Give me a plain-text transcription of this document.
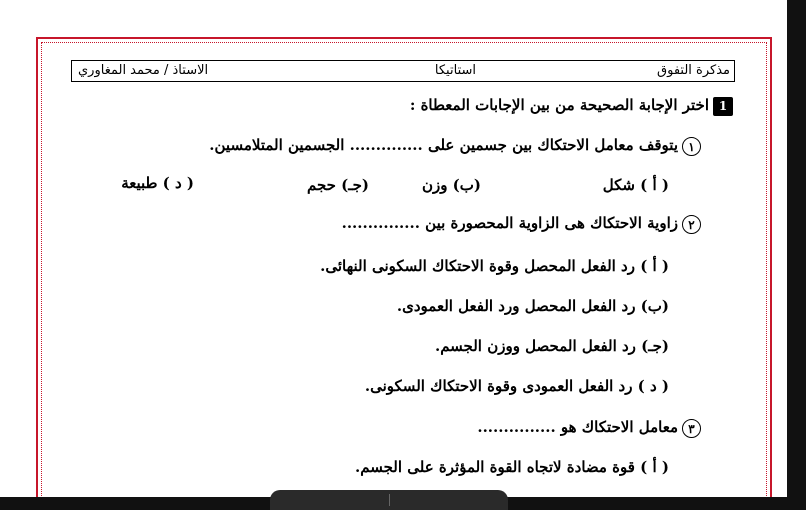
مذكرة التفوق
استاتيكا
الاستاذ / محمد المغاوري
1اختر الإجابة الصحيحة من بين الإجابات المعطاة :
١يتوقف معامل الاحتكاك بين جسمين على .............. الجسمين المتلامسين.
( أ ) شكل
(ب) وزن
(جـ) حجم
( د ) طبيعة
٢زاوية الاحتكاك هى الزاوية المحصورة بين ...............
( أ ) رد الفعل المحصل وقوة الاحتكاك السكونى النهائى.
(ب) رد الفعل المحصل ورد الفعل العمودى.
(جـ) رد الفعل المحصل ووزن الجسم.
( د ) رد الفعل العمودى وقوة الاحتكاك السكونى.
٣معامل الاحتكاك هو ...............
( أ ) قوة مضادة لاتجاه القوة المؤثرة على الجسم.
